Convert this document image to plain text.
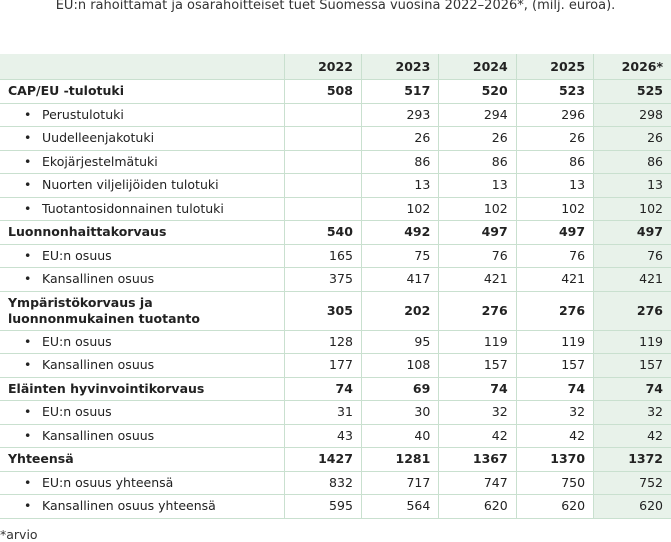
EU:n rahoittamat ja osarahoitteiset tuet Suomessa vuosina 2022–2026*, (milj. euroa).
	2022	2023	2024	2025	2026*
CAP/EU -tulotuki	508	517	520	523	525
• Perustulotuki		293	294	296	298
• Uudelleenjakotuki		26	26	26	26
• Ekojärjestelmätuki		86	86	86	86
• Nuorten viljelijöiden tulotuki		13	13	13	13
• Tuotantosidonnainen tulotuki		102	102	102	102
Luonnonhaittakorvaus	540	492	497	497	497
• EU:n osuus	165	75	76	76	76
• Kansallinen osuus	375	417	421	421	421
Ympäristökorvaus ja luonnonmukainen tuotanto	305	202	276	276	276
• EU:n osuus	128	95	119	119	119
• Kansallinen osuus	177	108	157	157	157
Eläinten hyvinvointikorvaus	74	69	74	74	74
• EU:n osuus	31	30	32	32	32
• Kansallinen osuus	43	40	42	42	42
Yhteensä	1427	1281	1367	1370	1372
• EU:n osuus yhteensä	832	717	747	750	752
• Kansallinen osuus yhteensä	595	564	620	620	620
*arvio
